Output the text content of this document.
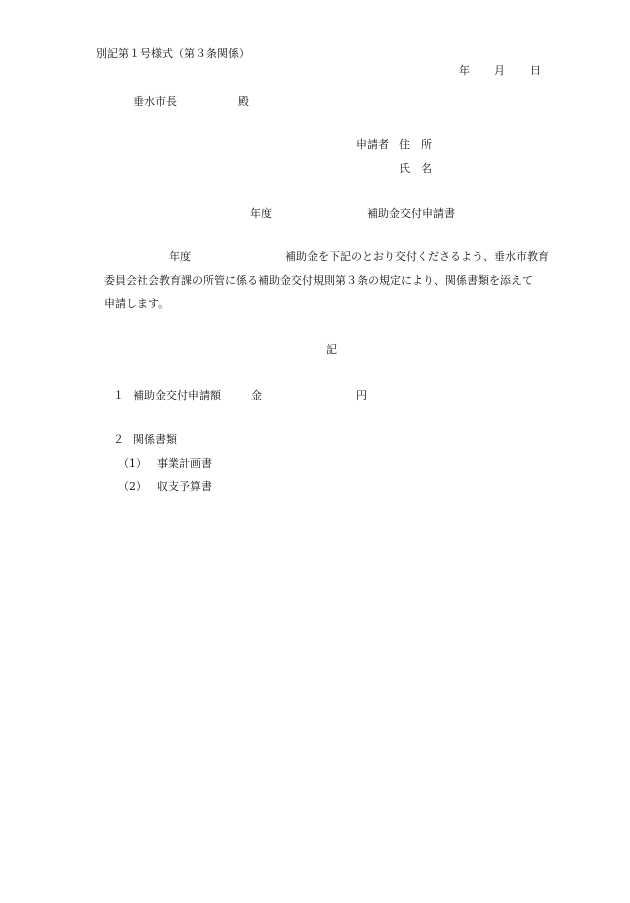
別記第１号様式（第３条関係）
年 月 日
垂水市長	殿
申請者 住　所
氏　名
年度	補助金交付申請書
年度	補助金を下記のとおり交付くださるよう、垂水市教育
委員会社会教育課の所管に係る補助金交付規則第３条の規定により、関係書類を添えて
申請します。
記
１ 補助金交付申請額	金	円
２ 関係書類
（1） 事業計画書
（2） 収支予算書
